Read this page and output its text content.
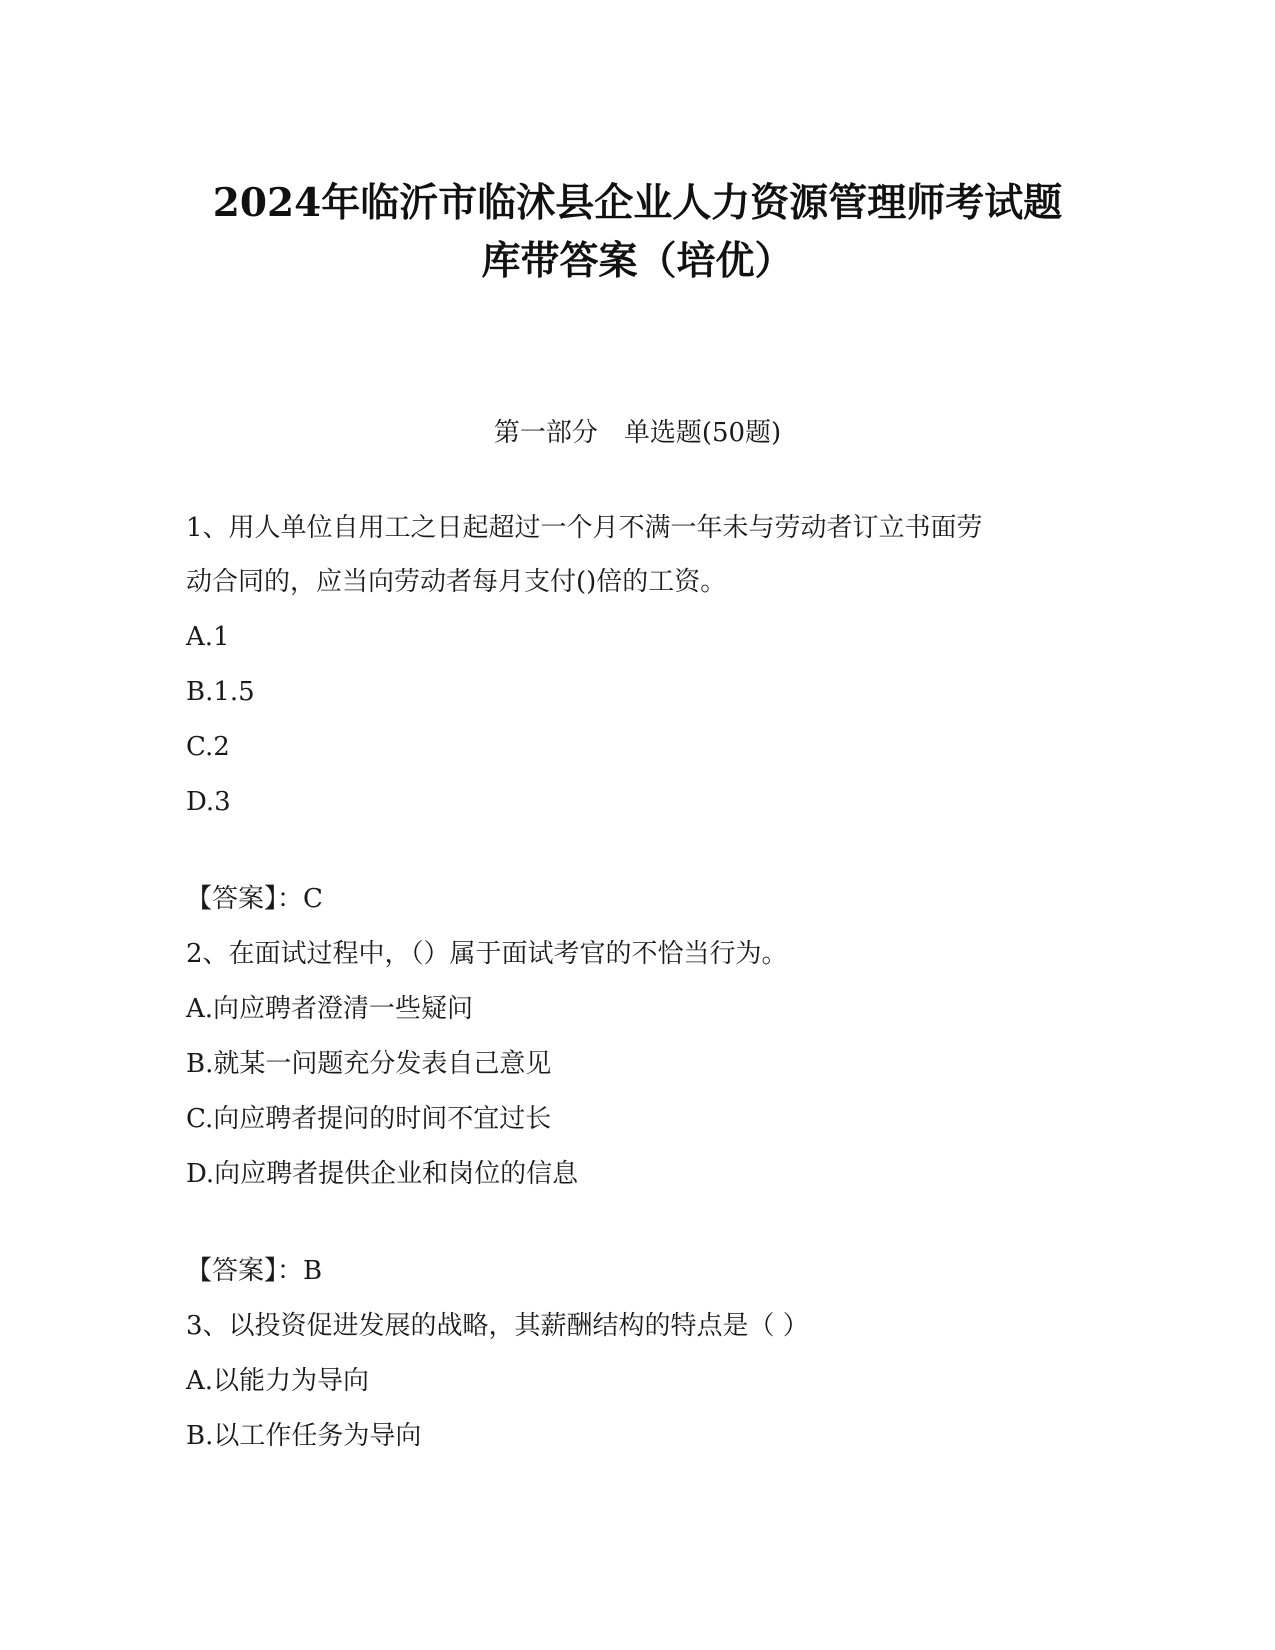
2024年临沂市临沭县企业人力资源管理师考试题
库带答案（培优）
第一部分　单选题(50题)
1、用人单位自用工之日起超过一个月不满一年未与劳动者订立书面劳
动合同的，应当向劳动者每月支付()倍的工资。
A.1
B.1.5
C.2
D.3
【答案】：C
2、在面试过程中，（）属于面试考官的不恰当行为。
A.向应聘者澄清一些疑问
B.就某一问题充分发表自己意见
C.向应聘者提问的时间不宜过长
D.向应聘者提供企业和岗位的信息
【答案】：B
3、以投资促进发展的战略，其薪酬结构的特点是（ ）
A.以能力为导向
B.以工作任务为导向
